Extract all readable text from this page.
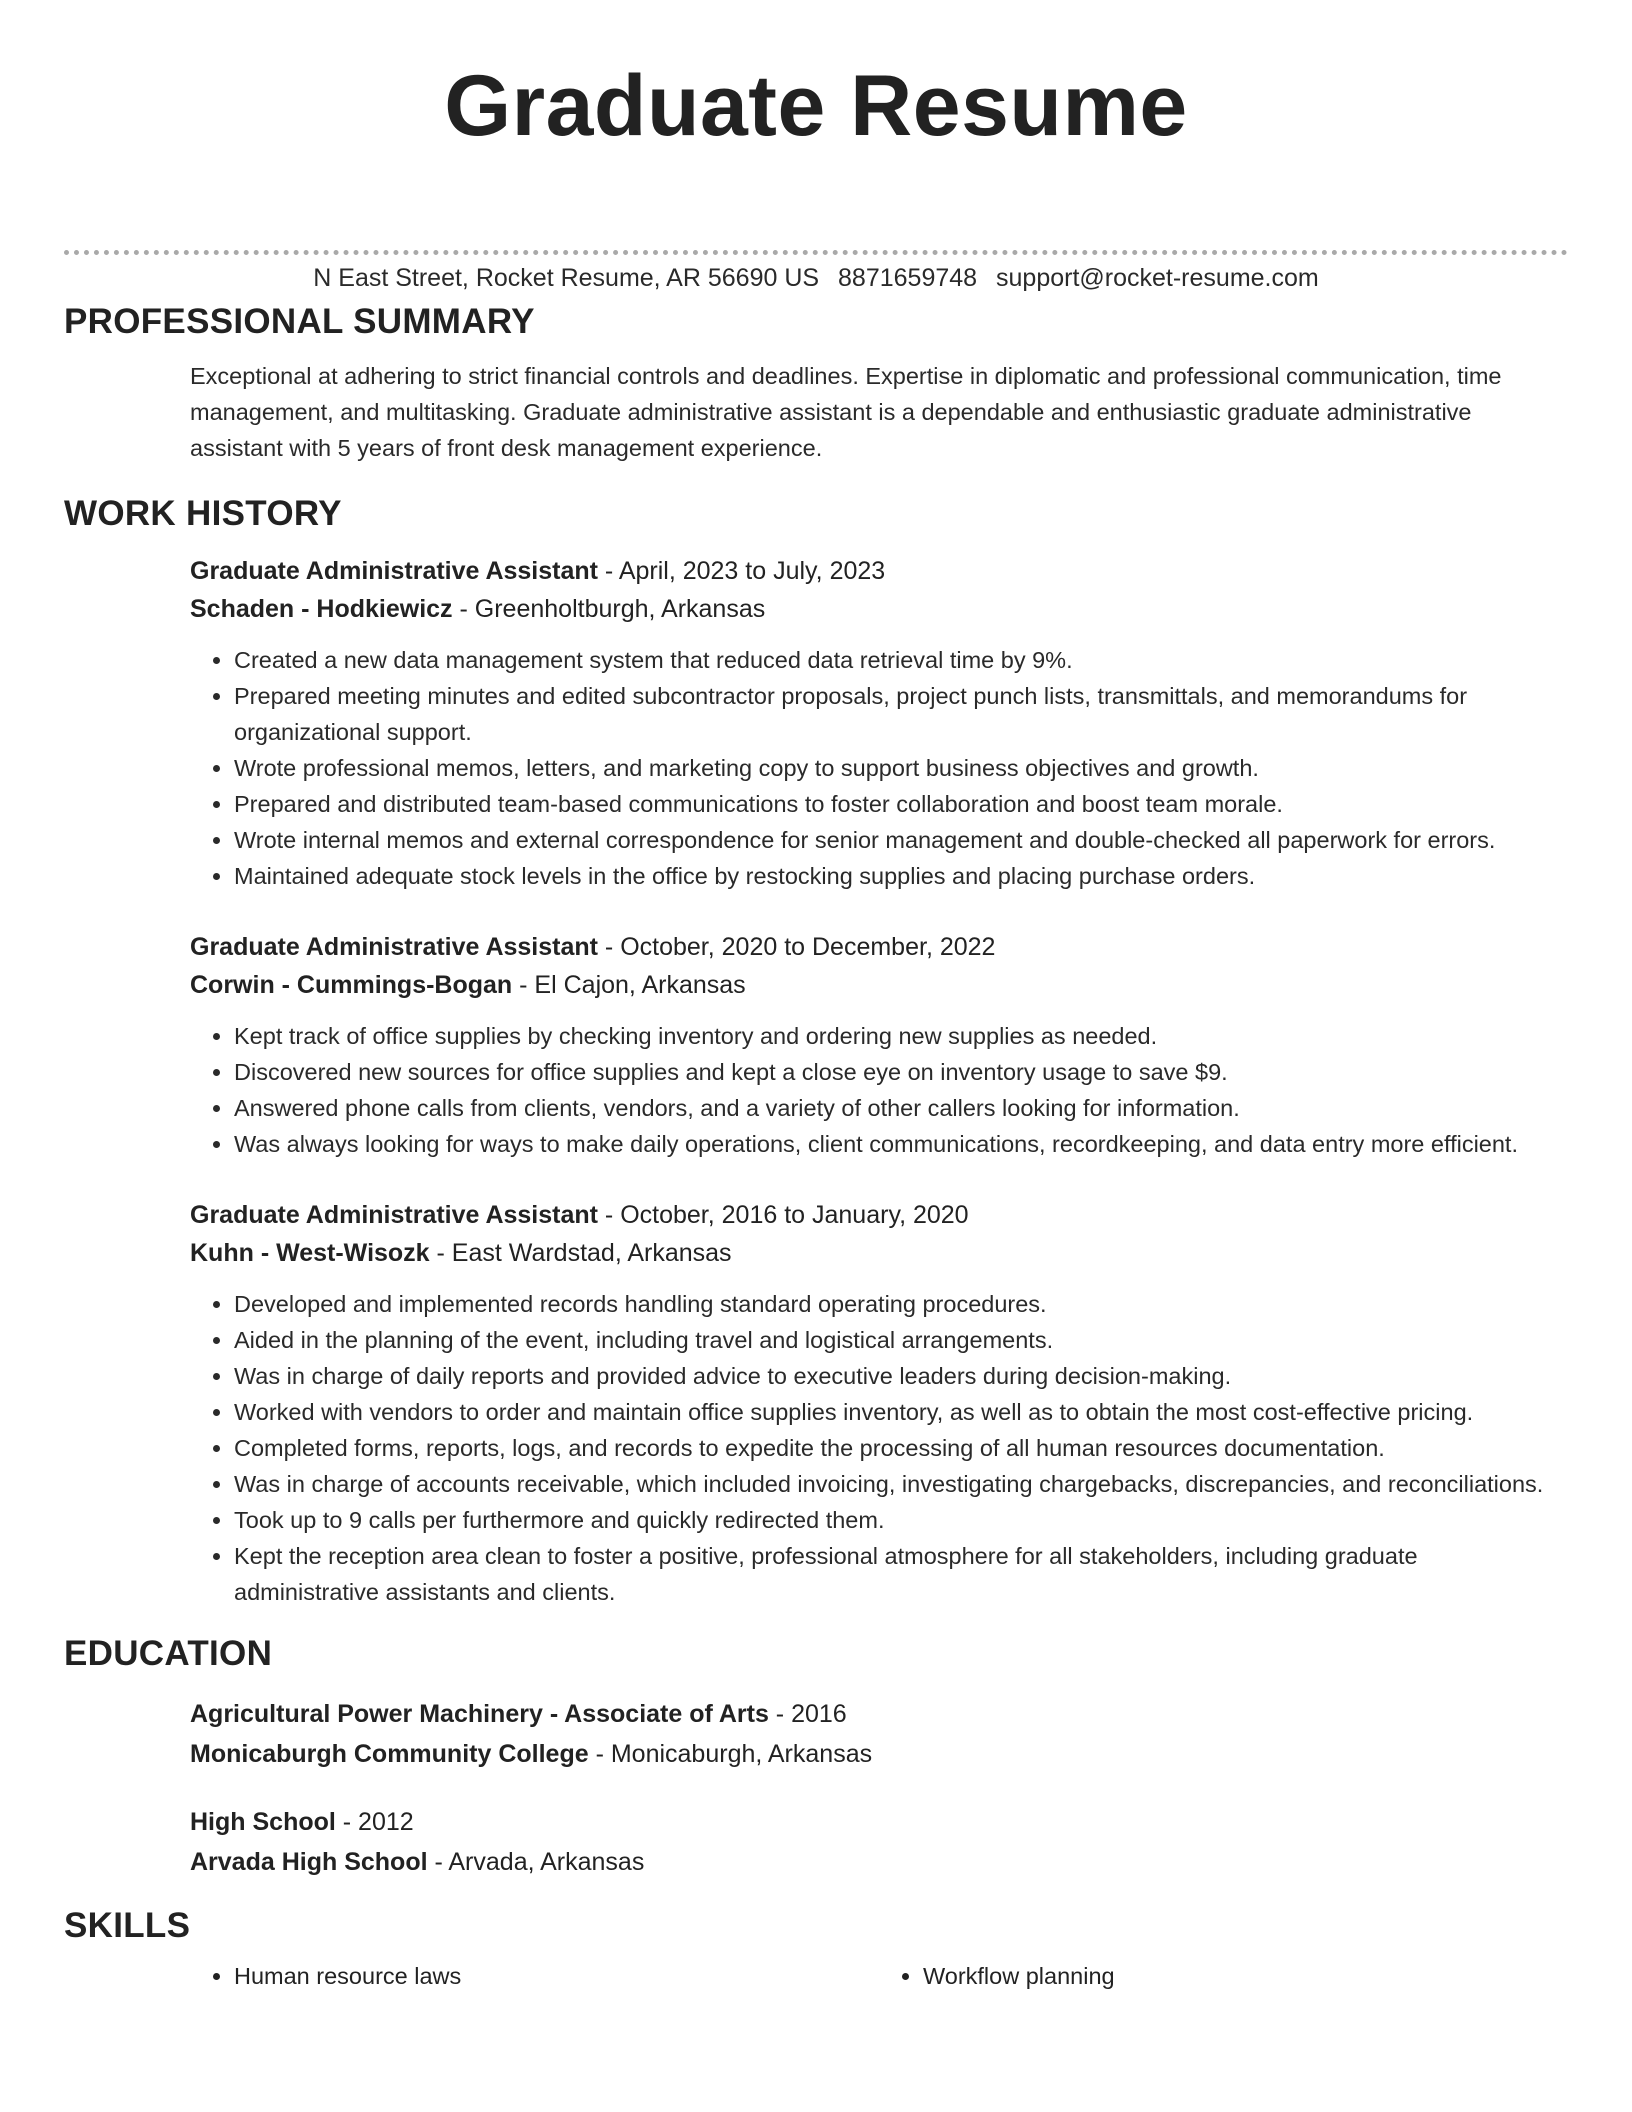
Graduate Resume
N East Street, Rocket Resume, AR 56690 US 8871659748 support@rocket-resume.com
PROFESSIONAL SUMMARY
Exceptional at adhering to strict financial controls and deadlines. Expertise in diplomatic and professional communication, time management, and multitasking. Graduate administrative assistant is a dependable and enthusiastic graduate administrative assistant with 5 years of front desk management experience.
WORK HISTORY
Graduate Administrative Assistant - April, 2023 to July, 2023
Schaden - Hodkiewicz - Greenholtburgh, Arkansas
• Created a new data management system that reduced data retrieval time by 9%.
• Prepared meeting minutes and edited subcontractor proposals, project punch lists, transmittals, and memorandums for organizational support.
• Wrote professional memos, letters, and marketing copy to support business objectives and growth.
• Prepared and distributed team-based communications to foster collaboration and boost team morale.
• Wrote internal memos and external correspondence for senior management and double-checked all paperwork for errors.
• Maintained adequate stock levels in the office by restocking supplies and placing purchase orders.
Graduate Administrative Assistant - October, 2020 to December, 2022
Corwin - Cummings-Bogan - El Cajon, Arkansas
• Kept track of office supplies by checking inventory and ordering new supplies as needed.
• Discovered new sources for office supplies and kept a close eye on inventory usage to save $9.
• Answered phone calls from clients, vendors, and a variety of other callers looking for information.
• Was always looking for ways to make daily operations, client communications, recordkeeping, and data entry more efficient.
Graduate Administrative Assistant - October, 2016 to January, 2020
Kuhn - West-Wisozk - East Wardstad, Arkansas
• Developed and implemented records handling standard operating procedures.
• Aided in the planning of the event, including travel and logistical arrangements.
• Was in charge of daily reports and provided advice to executive leaders during decision-making.
• Worked with vendors to order and maintain office supplies inventory, as well as to obtain the most cost-effective pricing.
• Completed forms, reports, logs, and records to expedite the processing of all human resources documentation.
• Was in charge of accounts receivable, which included invoicing, investigating chargebacks, discrepancies, and reconciliations.
• Took up to 9 calls per furthermore and quickly redirected them.
• Kept the reception area clean to foster a positive, professional atmosphere for all stakeholders, including graduate administrative assistants and clients.
EDUCATION
Agricultural Power Machinery - Associate of Arts - 2016
Monicaburgh Community College - Monicaburgh, Arkansas
High School - 2012
Arvada High School - Arvada, Arkansas
SKILLS
• Human resource laws
•	Workflow planning
